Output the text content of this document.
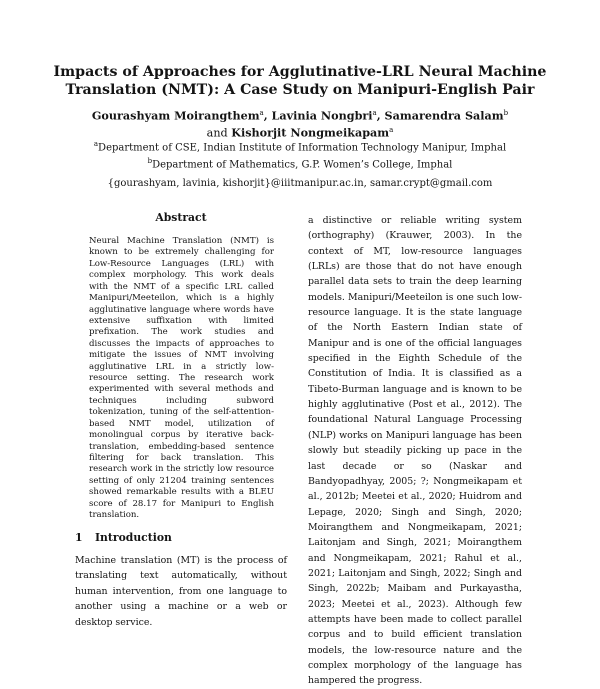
Impacts of Approaches for Agglutinative-LRL Neural Machine
Translation (NMT): A Case Study on Manipuri-English Pair
Gourashyam Moirangthem$^a$, Lavinia Nongbri$^a$, Samarendra Salam$^b$
and Kishorjit Nongmeikapam$^a$
$^a$Department of CSE, Indian Institute of Information Technology Manipur, Imphal
$^b$Department of Mathematics, G.P. Women’s College, Imphal
{gourashyam, lavinia, kishorjit}@iiitmanipur.ac.in, samar.crypt@gmail.com
Abstract

Neural Machine Translation (NMT) is known to be extremely challenging for Low-Resource Languages (LRL) with complex morphology. This work deals with the NMT of a specific LRL called Manipuri/Meeteilon, which is a highly agglutinative language where words have extensive suffixation with limited prefixation. The work studies and discusses the impacts of approaches to mitigate the issues of NMT involving agglutinative LRL in a strictly low-resource setting. The research work experimented with several methods and techniques including subword tokenization, tuning of the self-attention-based NMT model, utilization of monolingual corpus by iterative back-translation, embedding-based sentence filtering for back translation. This research work in the strictly low resource setting of only 21204 training sentences showed remarkable results with a BLEU score of 28.17 for Manipuri to English translation.

1 Introduction

Machine translation (MT) is the process of translating text automatically, without human intervention, from one language to another using a machine or a web or desktop service.

a distinctive or reliable writing system (orthography) (Krauwer, 2003). In the context of MT, low-resource languages (LRLs) are those that do not have enough parallel data sets to train the deep learning models. Manipuri/Meeteilon is one such low-resource language. It is the state language of the North Eastern Indian state of Manipur and is one of the official languages specified in the Eighth Schedule of the Constitution of India. It is classified as a Tibeto-Burman language and is known to be highly agglutinative (Post et al., 2012). The foundational Natural Language Processing (NLP) works on Manipuri language has been slowly but steadily picking up pace in the last decade or so (Naskar and Bandyopadhyay, 2005; ?; Nongmeikapam et al., 2012b; Meetei et al., 2020; Huidrom and Lepage, 2020; Singh and Singh, 2020; Moirangthem and Nongmeikapam, 2021; Laitonjam and Singh, 2021; Moirangthem and Nongmeikapam, 2021; Rahul et al., 2021; Laitonjam and Singh, 2022; Singh and Singh, 2022b; Maibam and Purkayastha, 2023; Meetei et al., 2023). Although few attempts have been made to collect parallel corpus and to build efficient translation models, the low-resource nature and the complex morphology of the language has hampered the progress.
